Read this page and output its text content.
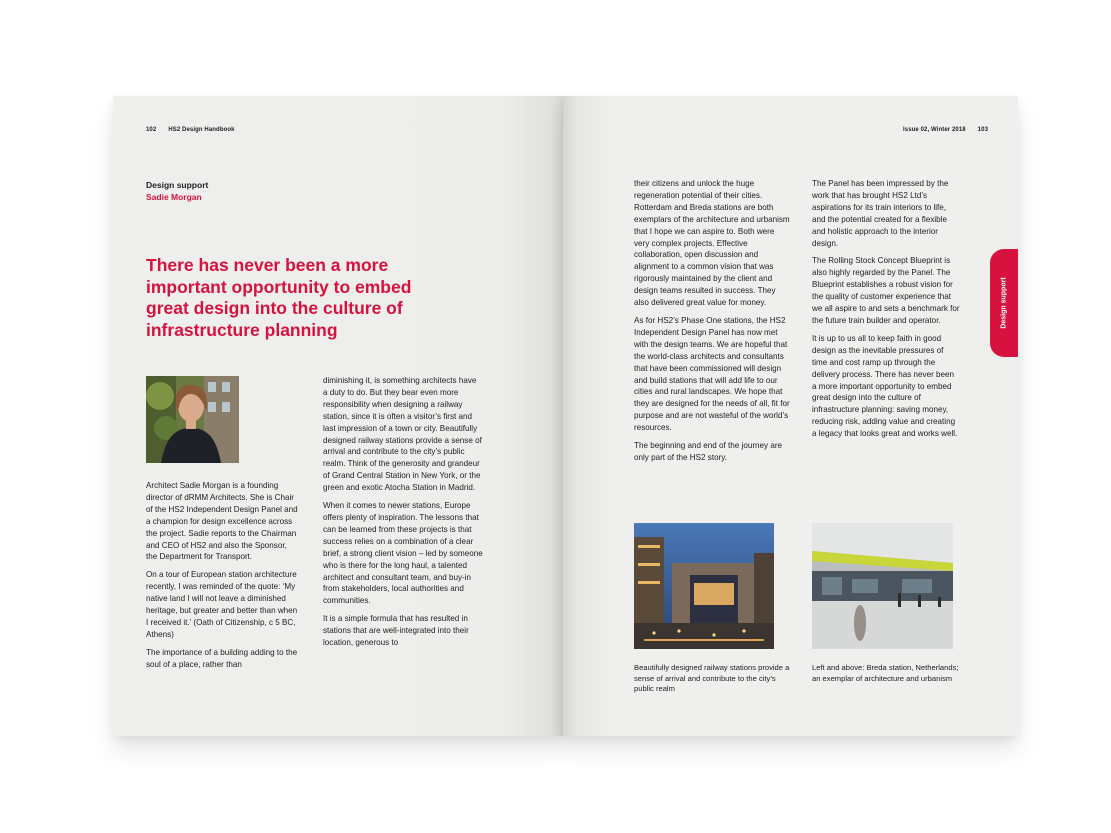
102 HS2 Design Handbook	Issue 02, Winter 2018 103
Design support
Sadie Morgan
There has never been a more important opportunity to embed great design into the culture of infrastructure planning

Architect Sadie Morgan is a founding director of dRMM Architects. She is Chair of the HS2 Independent Design Panel and a champion for design excellence across the project. Sadie reports to the Chairman and CEO of HS2 and also the Sponsor, the Department for Transport.

On a tour of European station architecture recently, I was reminded of the quote: ‘My native land I will not leave a diminished heritage, but greater and better than when I received it.’ (Oath of Citizenship, c 5 BC, Athens)

The importance of a building adding to the soul of a place, rather than

diminishing it, is something architects have a duty to do. But they bear even more responsibility when designing a railway station, since it is often a visitor’s first and last impression of a town or city. Beautifully designed railway stations provide a sense of arrival and contribute to the city’s public realm. Think of the generosity and grandeur of Grand Central Station in New York, or the green and exotic Atocha Station in Madrid.

When it comes to newer stations, Europe offers plenty of inspiration. The lessons that can be learned from these projects is that success relies on a combination of a clear brief, a strong client vision – led by someone who is there for the long haul, a talented architect and consultant team, and buy-in from stakeholders, local authorities and communities.

It is a simple formula that has resulted in stations that are well-integrated into their location, generous to

their citizens and unlock the huge regeneration potential of their cities. Rotterdam and Breda stations are both exemplars of the architecture and urbanism that I hope we can aspire to. Both were very complex projects. Effective collaboration, open discussion and alignment to a common vision that was rigorously maintained by the client and design teams resulted in success. They also delivered great value for money.

As for HS2’s Phase One stations, the HS2 Independent Design Panel has now met with the design teams. We are hopeful that the world-class architects and consultants that have been commissioned will design and build stations that will add life to our cities and rural landscapes. We hope that they are designed for the needs of all, fit for purpose and are not wasteful of the world’s resources.

The beginning and end of the journey are only part of the HS2 story.

The Panel has been impressed by the work that has brought HS2 Ltd’s aspirations for its train interiors to life, and the potential created for a flexible and holistic approach to the interior design.

The Rolling Stock Concept Blueprint is also highly regarded by the Panel. The Blueprint establishes a robust vision for the quality of customer experience that we all aspire to and sets a benchmark for the future train builder and operator.

It is up to us all to keep faith in good design as the inevitable pressures of time and cost ramp up through the delivery process. There has never been a more important opportunity to embed great design into the culture of infrastructure planning: saving money, reducing risk, adding value and creating a legacy that looks great and works well.

Beautifully designed railway stations provide a sense of arrival and contribute to the city’s public realm
Left and above: Breda station, Netherlands; an exemplar of architecture and urbanism
Design support
